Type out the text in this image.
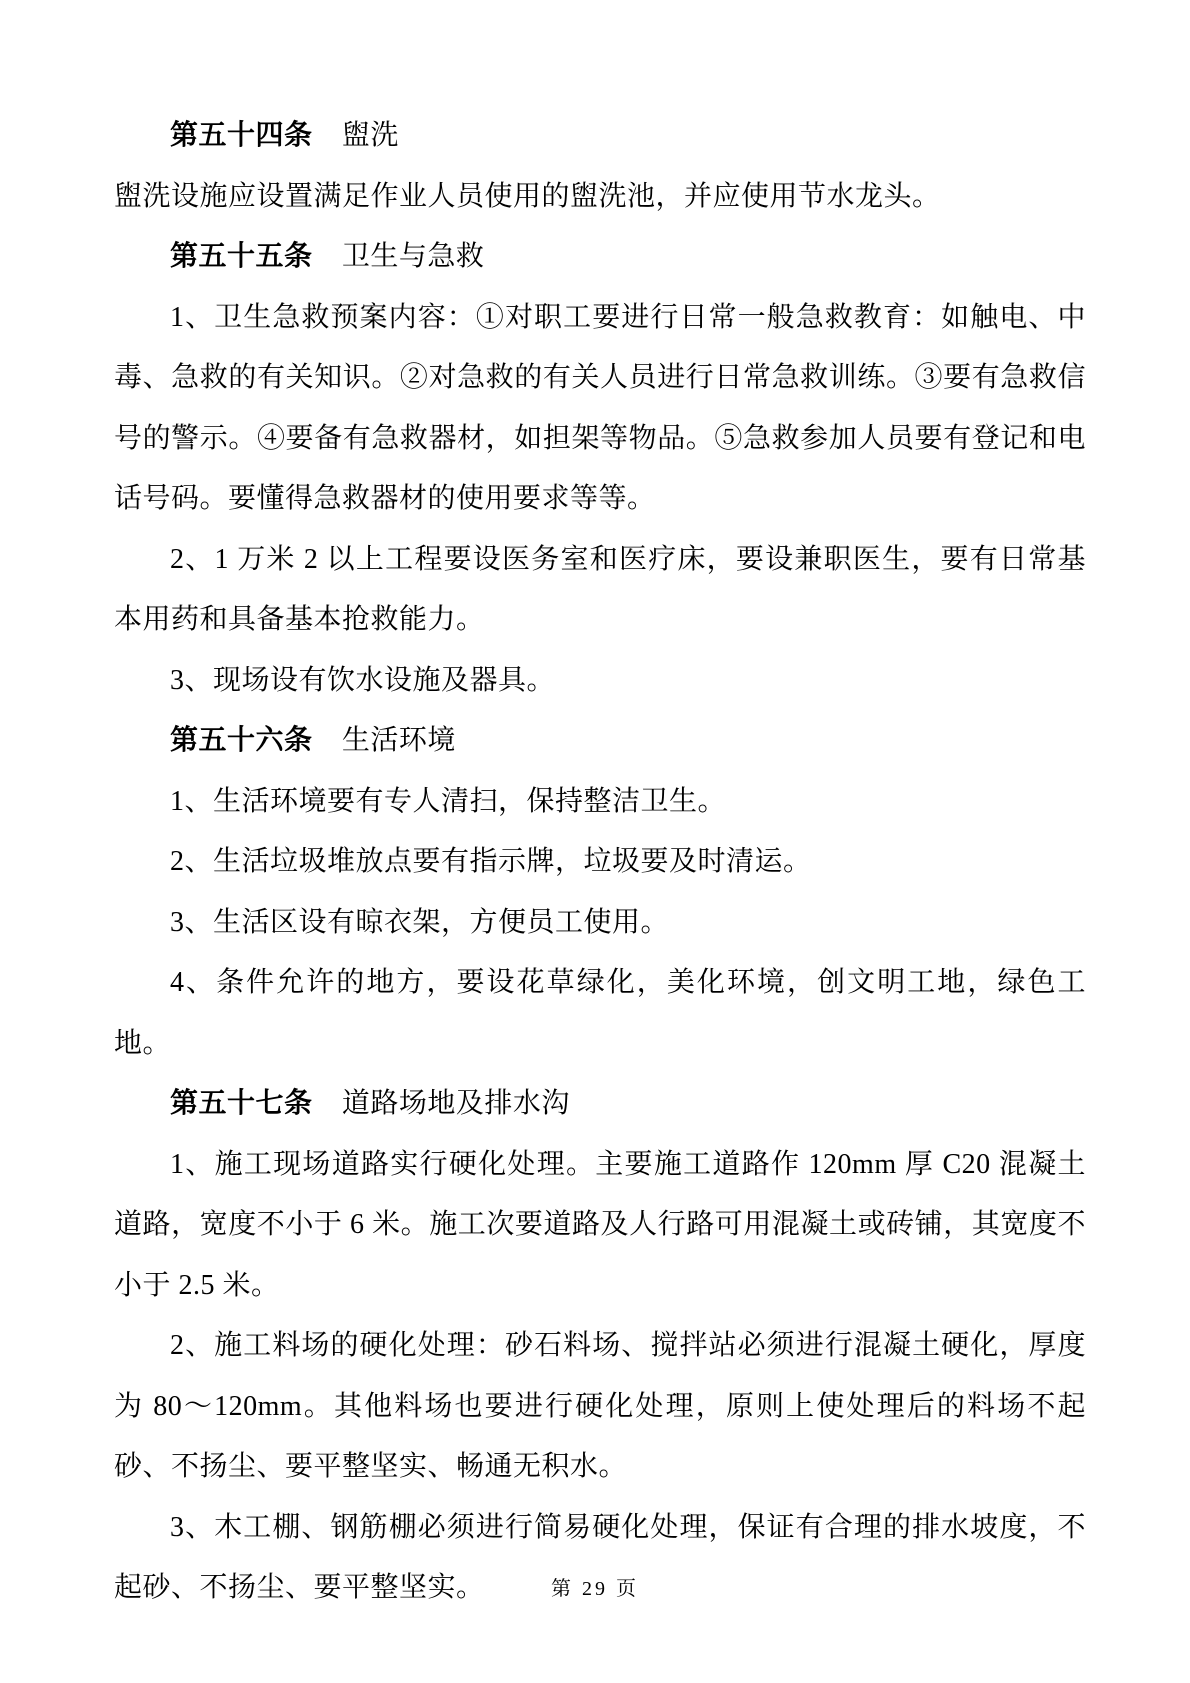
第五十四条 盥洗

盥洗设施应设置满足作业人员使用的盥洗池，并应使用节水龙头。

第五十五条 卫生与急救

1、卫生急救预案内容：①对职工要进行日常一般急救教育：如触电、中毒、急救的有关知识。②对急救的有关人员进行日常急救训练。③要有急救信号的警示。④要备有急救器材，如担架等物品。⑤急救参加人员要有登记和电话号码。要懂得急救器材的使用要求等等。

2、1 万米 2 以上工程要设医务室和医疗床，要设兼职医生，要有日常基本用药和具备基本抢救能力。

3、现场设有饮水设施及器具。

第五十六条 生活环境

1、生活环境要有专人清扫，保持整洁卫生。

2、生活垃圾堆放点要有指示牌，垃圾要及时清运。

3、生活区设有晾衣架，方便员工使用。

4、条件允许的地方，要设花草绿化，美化环境，创文明工地，绿色工地。

第五十七条 道路场地及排水沟

1、施工现场道路实行硬化处理。主要施工道路作 120mm 厚 C20 混凝土道路，宽度不小于 6 米。施工次要道路及人行路可用混凝土或砖铺，其宽度不小于 2.5 米。

2、施工料场的硬化处理：砂石料场、搅拌站必须进行混凝土硬化，厚度为 80～120mm。其他料场也要进行硬化处理，原则上使处理后的料场不起砂、不扬尘、要平整坚实、畅通无积水。

3、木工棚、钢筋棚必须进行简易硬化处理，保证有合理的排水坡度，不起砂、不扬尘、要平整坚实。	第 29 页
